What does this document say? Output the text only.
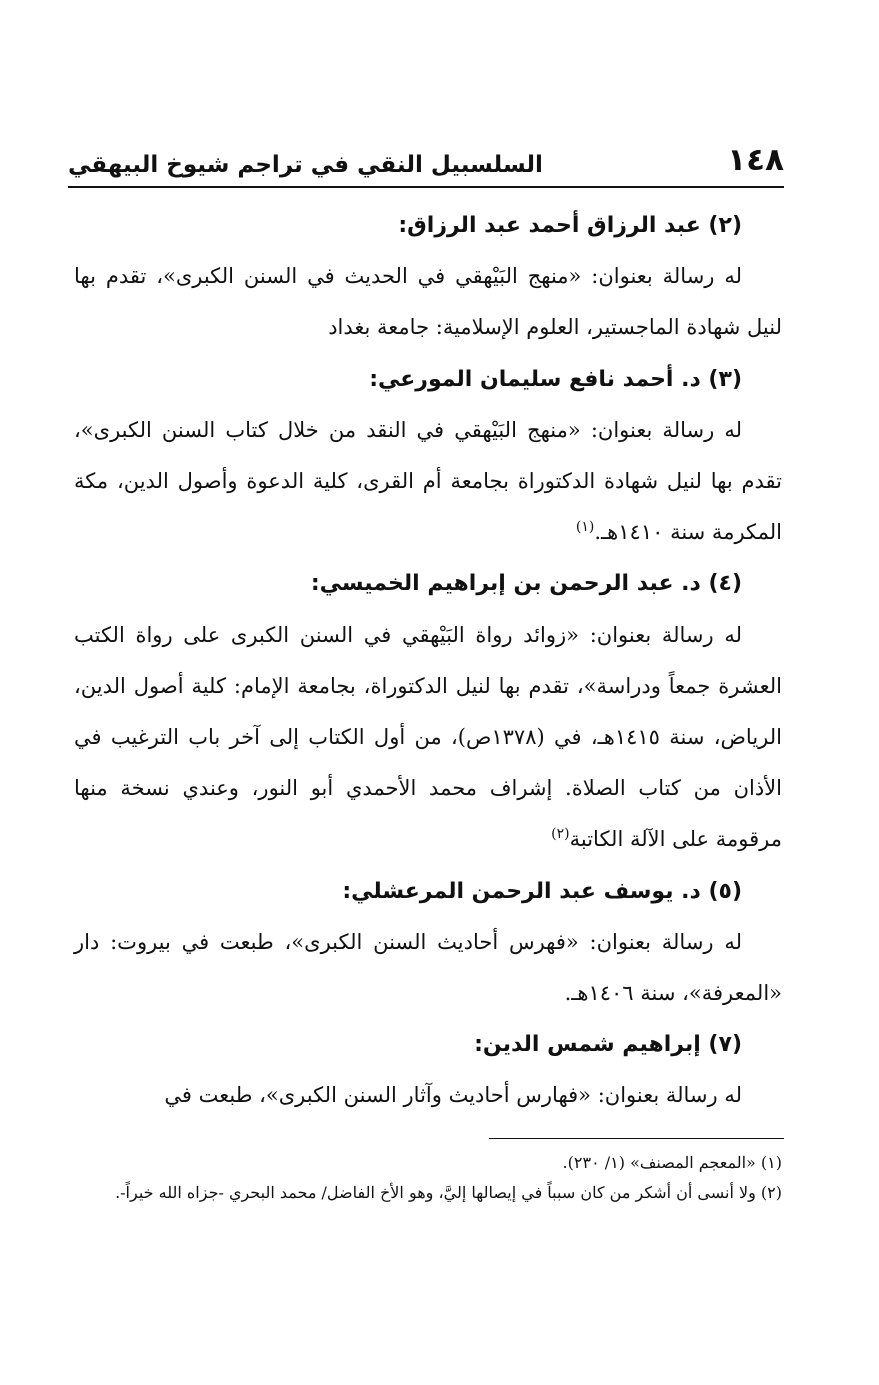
١٤٨
السلسبيل النقي في تراجم شيوخ البيهقي

(٢) عبد الرزاق أحمد عبد الرزاق:

له رسالة بعنوان: «منهج البَيْهقي في الحديث في السنن الكبرى»، تقدم بها لنيل شهادة الماجستير، العلوم الإسلامية: جامعة بغداد

(٣) د. أحمد نافع سليمان المورعي:

له رسالة بعنوان: «منهج البَيْهقي في النقد من خلال كتاب السنن الكبرى»، تقدم بها لنيل شهادة الدكتوراة بجامعة أم القرى، كلية الدعوة وأصول الدين، مكة المكرمة سنة ١٤١٠هـ.$^{(١)}$

(٤) د. عبد الرحمن بن إبراهيم الخميسي:

له رسالة بعنوان: «زوائد رواة البَيْهقي في السنن الكبرى على رواة الكتب العشرة جمعاً ودراسة»، تقدم بها لنيل الدكتوراة، بجامعة الإمام: كلية أصول الدين، الرياض، سنة ١٤١٥هـ، في (١٣٧٨ص)، من أول الكتاب إلى آخر باب الترغيب في الأذان من كتاب الصلاة. إشراف محمد الأحمدي أبو النور، وعندي نسخة منها مرقومة على الآلة الكاتبة$^{(٢)}$

(٥) د. يوسف عبد الرحمن المرعشلي:

له رسالة بعنوان: «فهرس أحاديث السنن الكبرى»، طبعت في بيروت: دار «المعرفة»، سنة ١٤٠٦هـ.

(٧) إبراهيم شمس الدين:

له رسالة بعنوان: «فهارس أحاديث وآثار السنن الكبرى»، طبعت في

(١) «المعجم المصنف» (١/ ٢٣٠).

(٢) ولا أنسى أن أشكر من كان سبباً في إيصالها إليَّ، وهو الأخ الفاضل/ محمد البحري -جزاه الله خيراً-.
